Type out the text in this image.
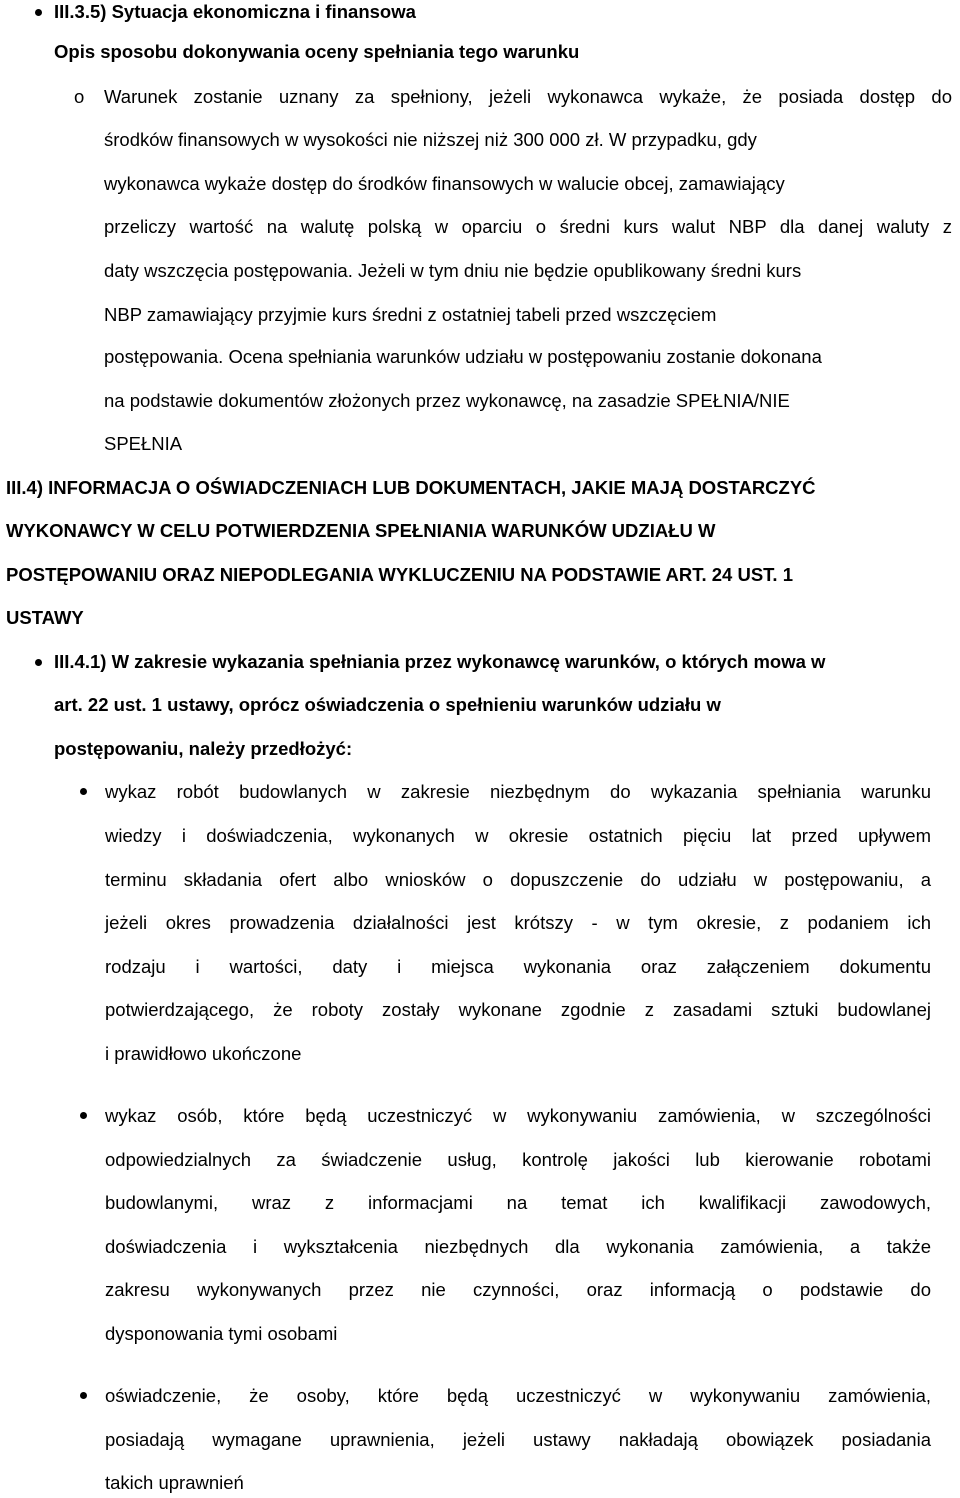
III.3.5) Sytuacja ekonomiczna i finansowa
Opis sposobu dokonywania oceny spełniania tego warunku
o Warunek zostanie uznany za spełniony, jeżeli wykonawca wykaże, że posiada dostęp do
środków finansowych w wysokości nie niższej niż 300 000 zł. W przypadku, gdy
wykonawca wykaże dostęp do środków finansowych w walucie obcej, zamawiający
przeliczy wartość na walutę polską w oparciu o średni kurs walut NBP dla danej waluty z
daty wszczęcia postępowania. Jeżeli w tym dniu nie będzie opublikowany średni kurs
NBP zamawiający przyjmie kurs średni z ostatniej tabeli przed wszczęciem
postępowania. Ocena spełniania warunków udziału w postępowaniu zostanie dokonana
na podstawie dokumentów złożonych przez wykonawcę, na zasadzie SPEŁNIA/NIE
SPEŁNIA
III.4) INFORMACJA O OŚWIADCZENIACH LUB DOKUMENTACH, JAKIE MAJĄ DOSTARCZYĆ
WYKONAWCY W CELU POTWIERDZENIA SPEŁNIANIA WARUNKÓW UDZIAŁU W
POSTĘPOWANIU ORAZ NIEPODLEGANIA WYKLUCZENIU NA PODSTAWIE ART. 24 UST. 1
USTAWY
III.4.1) W zakresie wykazania spełniania przez wykonawcę warunków, o których mowa w
art. 22 ust. 1 ustawy, oprócz oświadczenia o spełnieniu warunków udziału w
postępowaniu, należy przedłożyć:
wykaz robót budowlanych w zakresie niezbędnym do wykazania spełniania warunku
wiedzy i doświadczenia, wykonanych w okresie ostatnich pięciu lat przed upływem
terminu składania ofert albo wniosków o dopuszczenie do udziału w postępowaniu, a
jeżeli okres prowadzenia działalności jest krótszy - w tym okresie, z podaniem ich
rodzaju i wartości, daty i miejsca wykonania oraz załączeniem dokumentu
potwierdzającego, że roboty zostały wykonane zgodnie z zasadami sztuki budowlanej
i prawidłowo ukończone
wykaz osób, które będą uczestniczyć w wykonywaniu zamówienia, w szczególności
odpowiedzialnych za świadczenie usług, kontrolę jakości lub kierowanie robotami
budowlanymi, wraz z informacjami na temat ich kwalifikacji zawodowych,
doświadczenia i wykształcenia niezbędnych dla wykonania zamówienia, a także
zakresu wykonywanych przez nie czynności, oraz informacją o podstawie do
dysponowania tymi osobami
oświadczenie, że osoby, które będą uczestniczyć w wykonywaniu zamówienia,
posiadają wymagane uprawnienia, jeżeli ustawy nakładają obowiązek posiadania
takich uprawnień
